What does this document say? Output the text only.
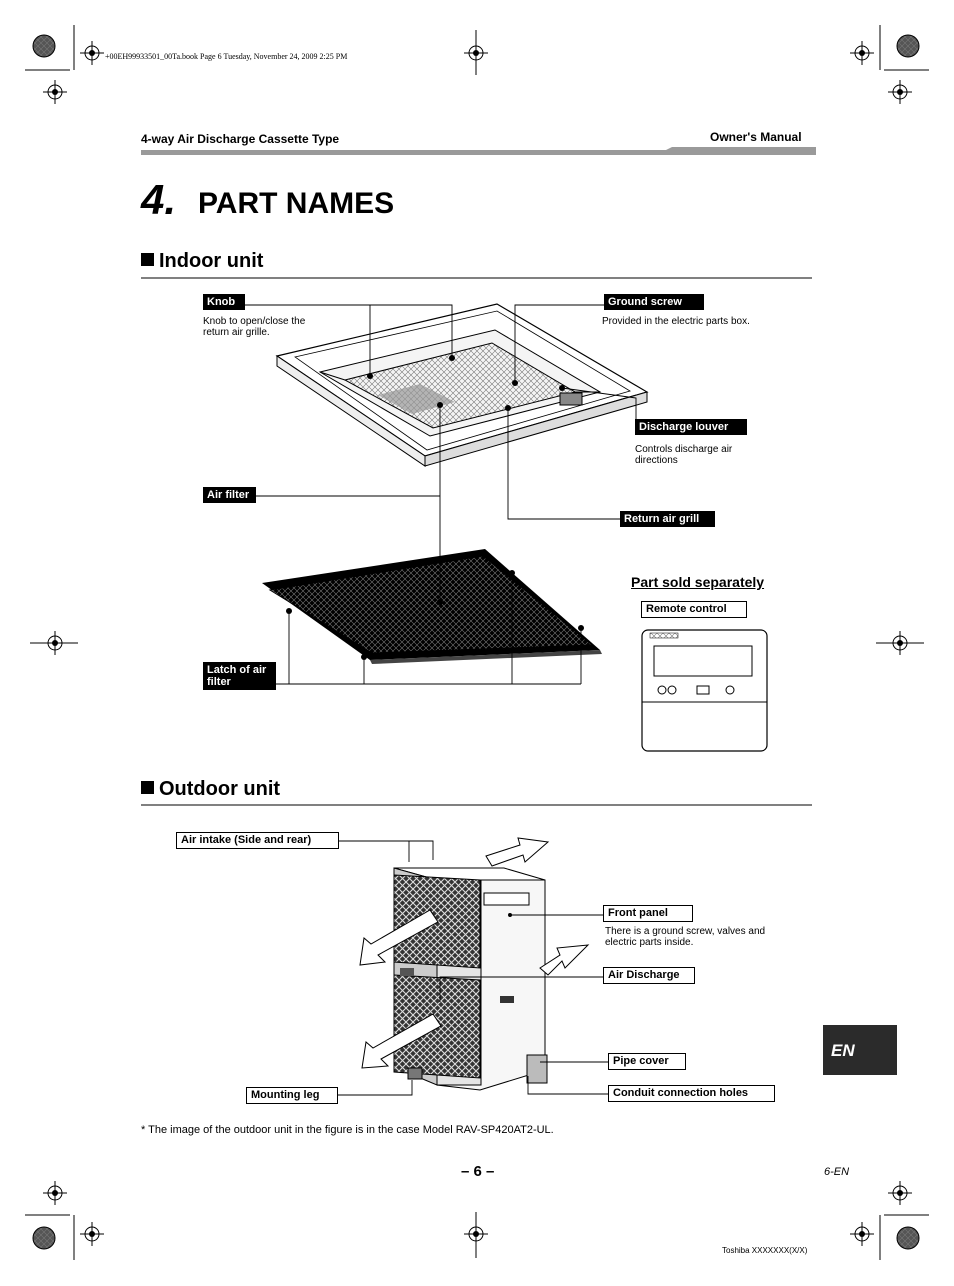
+00EH99933501_00Ta.book Page 6 Tuesday, November 24, 2009 2:25 PM
4-way Air Discharge Cassette Type	Owner's Manual
4. PART NAMES
Indoor unit
Knob
Knob to open/close the return air grille.
Ground screw
Provided in the electric parts box.
Discharge louver
Controls discharge air directions
Air filter
Return air grill
Latch of air filter
Part sold separately
Remote control
Outdoor unit
Air intake (Side and rear)
Front panel
There is a ground screw, valves and electric parts inside.
Air Discharge
Pipe cover
Conduit connection holes
Mounting leg
* The image of the outdoor unit in the figure is in the case Model RAV-SP420AT2-UL.
EN
– 6 –	6-EN
Toshiba XXXXXXX(X/X)
